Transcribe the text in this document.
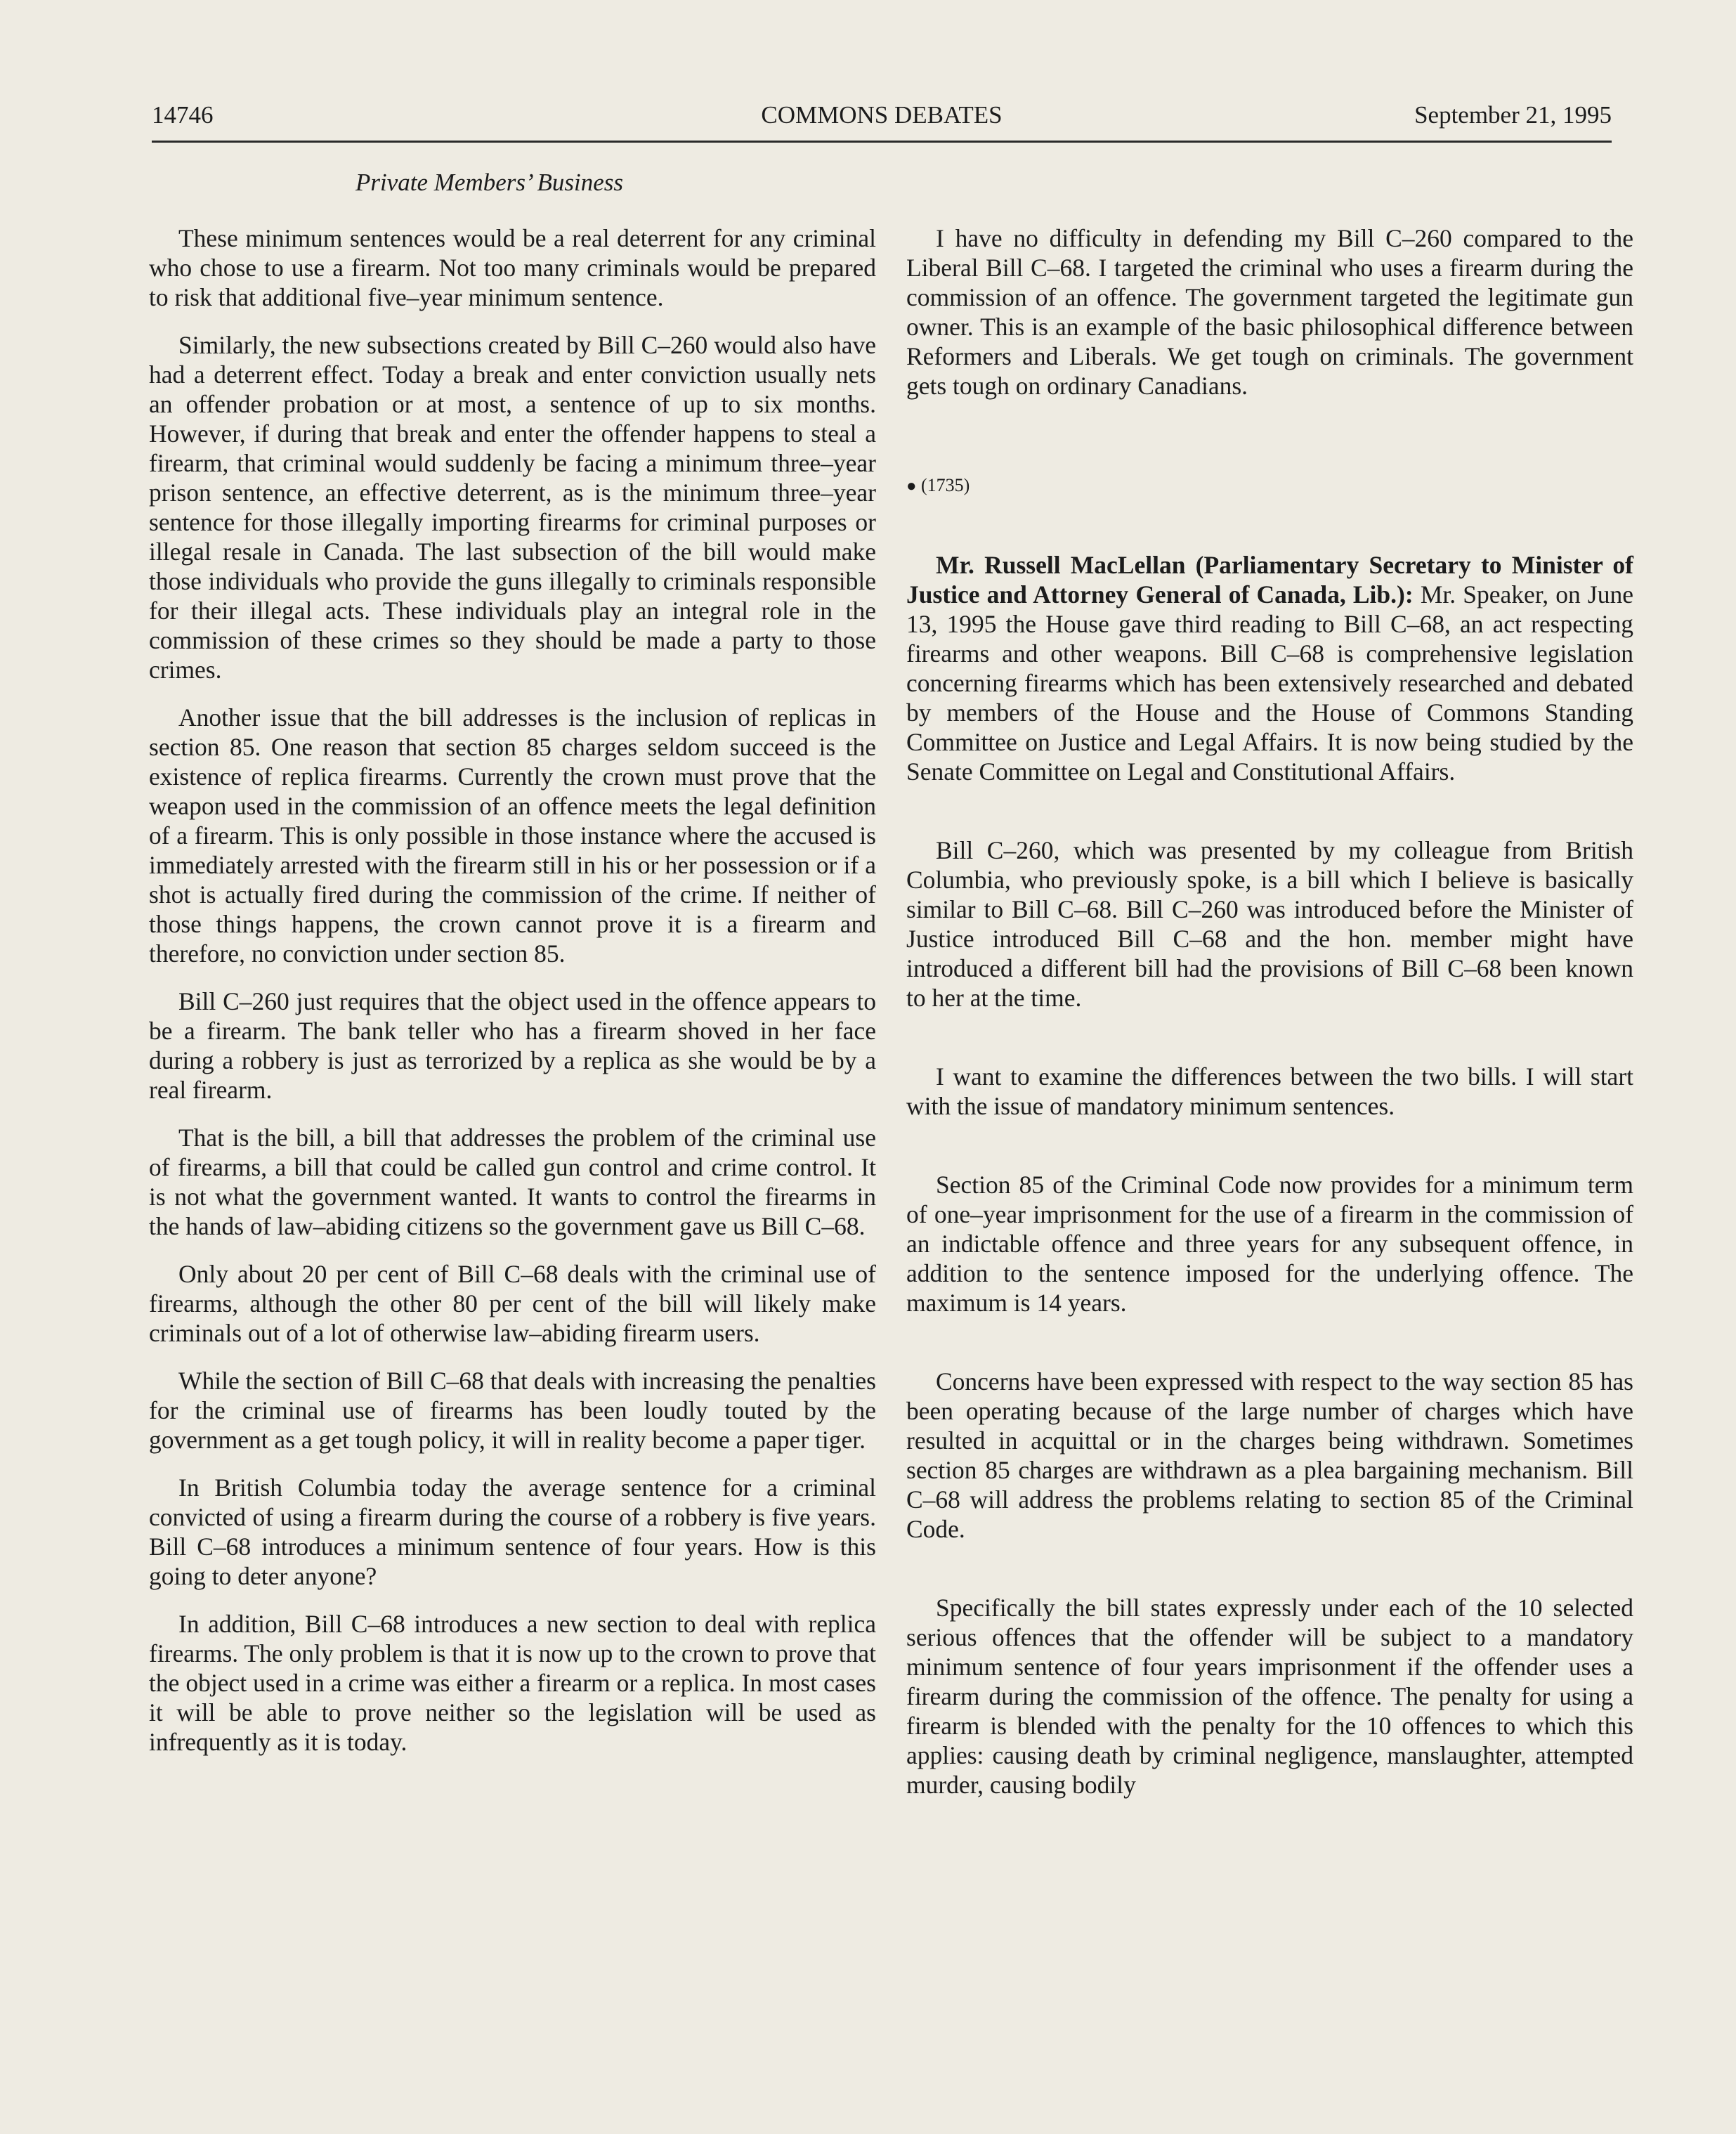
14746	COMMONS DEBATES	September 21, 1995
Private Members’ Business

These minimum sentences would be a real deterrent for any criminal who chose to use a firearm. Not too many criminals would be prepared to risk that additional five–year minimum sentence.

Similarly, the new subsections created by Bill C–260 would also have had a deterrent effect. Today a break and enter conviction usually nets an offender probation or at most, a sentence of up to six months. However, if during that break and enter the offender happens to steal a firearm, that criminal would suddenly be facing a minimum three–year prison sentence, an effective deterrent, as is the minimum three–year sentence for those illegally importing firearms for criminal purposes or illegal resale in Canada. The last subsection of the bill would make those individuals who provide the guns illegally to criminals responsible for their illegal acts. These individuals play an integral role in the commission of these crimes so they should be made a party to those crimes.

Another issue that the bill addresses is the inclusion of replicas in section 85. One reason that section 85 charges seldom succeed is the existence of replica firearms. Currently the crown must prove that the weapon used in the commission of an offence meets the legal definition of a firearm. This is only possible in those instance where the accused is immediately arrested with the firearm still in his or her possession or if a shot is actually fired during the commission of the crime. If neither of those things happens, the crown cannot prove it is a firearm and therefore, no conviction under section 85.

Bill C–260 just requires that the object used in the offence appears to be a firearm. The bank teller who has a firearm shoved in her face during a robbery is just as terrorized by a replica as she would be by a real firearm.

That is the bill, a bill that addresses the problem of the criminal use of firearms, a bill that could be called gun control and crime control. It is not what the government wanted. It wants to control the firearms in the hands of law–abiding citizens so the government gave us Bill C–68.

Only about 20 per cent of Bill C–68 deals with the criminal use of firearms, although the other 80 per cent of the bill will likely make criminals out of a lot of otherwise law–abiding firearm users.

While the section of Bill C–68 that deals with increasing the penalties for the criminal use of firearms has been loudly touted by the government as a get tough policy, it will in reality become a paper tiger.

In British Columbia today the average sentence for a criminal convicted of using a firearm during the course of a robbery is five years. Bill C–68 introduces a minimum sentence of four years. How is this going to deter anyone?

In addition, Bill C–68 introduces a new section to deal with replica firearms. The only problem is that it is now up to the crown to prove that the object used in a crime was either a firearm or a replica. In most cases it will be able to prove neither so the legislation will be used as infrequently as it is today.

I have no difficulty in defending my Bill C–260 compared to the Liberal Bill C–68. I targeted the criminal who uses a firearm during the commission of an offence. The government targeted the legitimate gun owner. This is an example of the basic philosophical difference between Reformers and Liberals. We get tough on criminals. The government gets tough on ordinary Canadians.

● (1735)

Mr. Russell MacLellan (Parliamentary Secretary to Minister of Justice and Attorney General of Canada, Lib.): Mr. Speaker, on June 13, 1995 the House gave third reading to Bill C–68, an act respecting firearms and other weapons. Bill C–68 is comprehensive legislation concerning firearms which has been extensively researched and debated by members of the House and the House of Commons Standing Committee on Justice and Legal Affairs. It is now being studied by the Senate Committee on Legal and Constitutional Affairs.

Bill C–260, which was presented by my colleague from British Columbia, who previously spoke, is a bill which I believe is basically similar to Bill C–68. Bill C–260 was introduced before the Minister of Justice introduced Bill C–68 and the hon. member might have introduced a different bill had the provisions of Bill C–68 been known to her at the time.

I want to examine the differences between the two bills. I will start with the issue of mandatory minimum sentences.

Section 85 of the Criminal Code now provides for a minimum term of one–year imprisonment for the use of a firearm in the commission of an indictable offence and three years for any subsequent offence, in addition to the sentence imposed for the underlying offence. The maximum is 14 years.

Concerns have been expressed with respect to the way section 85 has been operating because of the large number of charges which have resulted in acquittal or in the charges being withdrawn. Sometimes section 85 charges are withdrawn as a plea bargaining mechanism. Bill C–68 will address the problems relating to section 85 of the Criminal Code.

Specifically the bill states expressly under each of the 10 selected serious offences that the offender will be subject to a mandatory minimum sentence of four years imprisonment if the offender uses a firearm during the commission of the offence. The penalty for using a firearm is blended with the penalty for the 10 offences to which this applies: causing death by criminal negligence, manslaughter, attempted murder, causing bodily
